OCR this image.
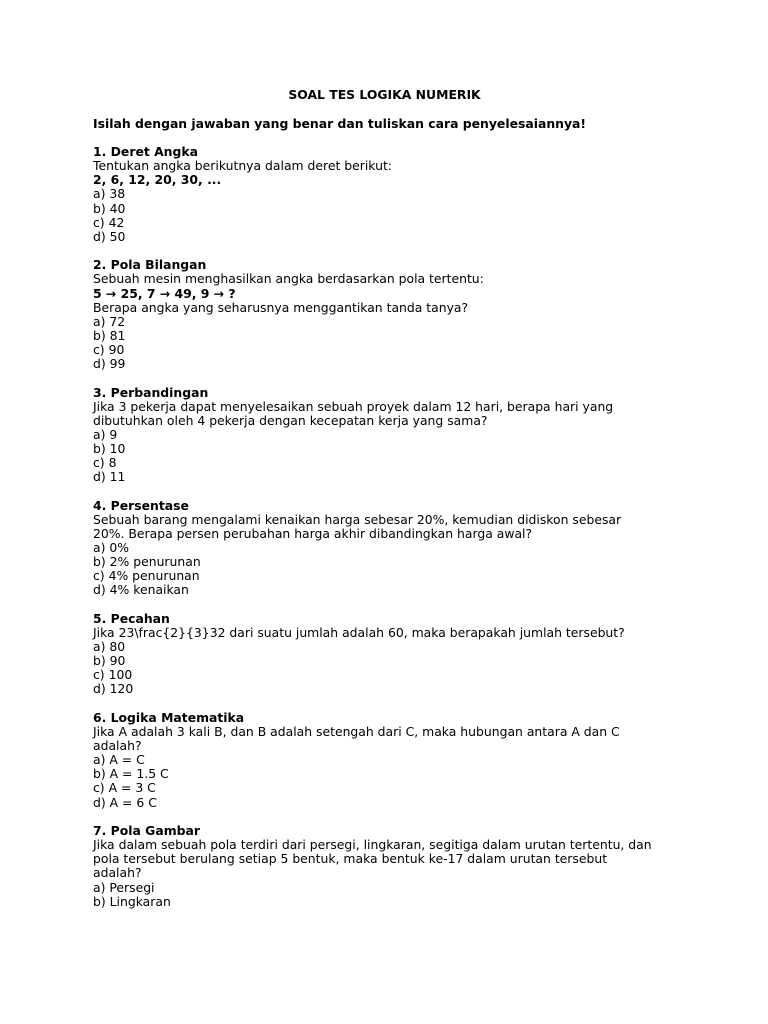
SOAL TES LOGIKA NUMERIK
Isilah dengan jawaban yang benar dan tuliskan cara penyelesaiannya!
1. Deret Angka
Tentukan angka berikutnya dalam deret berikut:
2, 6, 12, 20, 30, ...
a) 38
b) 40
c) 42
d) 50
2. Pola Bilangan
Sebuah mesin menghasilkan angka berdasarkan pola tertentu:
5 → 25, 7 → 49, 9 → ?
Berapa angka yang seharusnya menggantikan tanda tanya?
a) 72
b) 81
c) 90
d) 99
3. Perbandingan
Jika 3 pekerja dapat menyelesaikan sebuah proyek dalam 12 hari, berapa hari yang
dibutuhkan oleh 4 pekerja dengan kecepatan kerja yang sama?
a) 9
b) 10
c) 8
d) 11
4. Persentase
Sebuah barang mengalami kenaikan harga sebesar 20%, kemudian didiskon sebesar
20%. Berapa persen perubahan harga akhir dibandingkan harga awal?
a) 0%
b) 2% penurunan
c) 4% penurunan
d) 4% kenaikan
5. Pecahan
Jika 23\frac{2}{3}32 dari suatu jumlah adalah 60, maka berapakah jumlah tersebut?
a) 80
b) 90
c) 100
d) 120
6. Logika Matematika
Jika A adalah 3 kali B, dan B adalah setengah dari C, maka hubungan antara A dan C
adalah?
a) A = C
b) A = 1.5 C
c) A = 3 C
d) A = 6 C
7. Pola Gambar
Jika dalam sebuah pola terdiri dari persegi, lingkaran, segitiga dalam urutan tertentu, dan
pola tersebut berulang setiap 5 bentuk, maka bentuk ke-17 dalam urutan tersebut
adalah?
a) Persegi
b) Lingkaran
